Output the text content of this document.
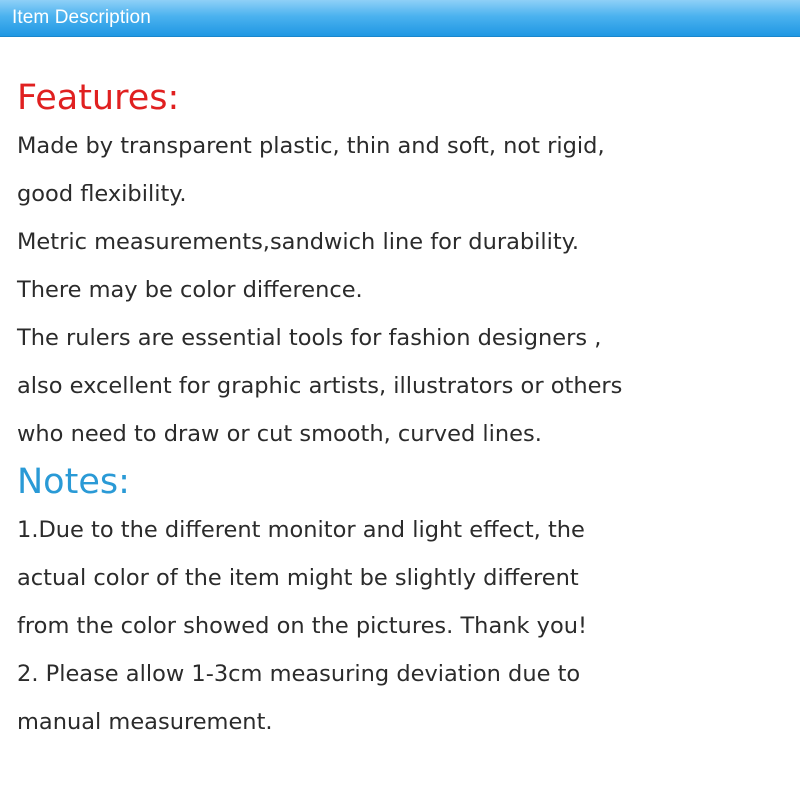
Item Description
Features:

Made by transparent plastic, thin and soft, not rigid,

good flexibility.

Metric measurements,sandwich line for durability.

There may be color difference.

The rulers are essential tools for fashion designers ,

also excellent for graphic artists, illustrators or others

who need to draw or cut smooth, curved lines.

Notes:

1.Due to the different monitor and light effect, the

actual color of the item might be slightly different

from the color showed on the pictures. Thank you!

2. Please allow 1-3cm measuring deviation due to

manual measurement.
